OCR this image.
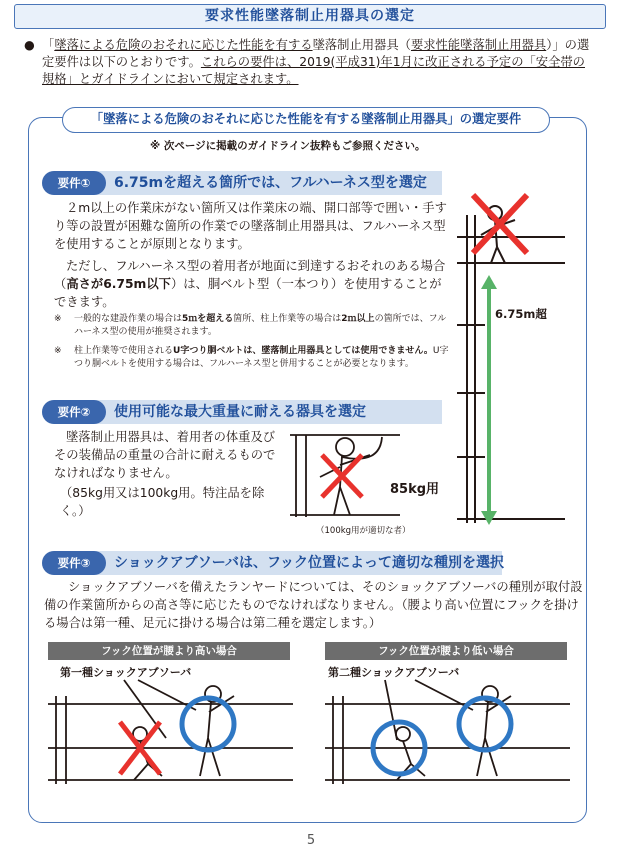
要求性能墜落制止用器具の選定
● 「墜落による危険のおそれに応じた性能を有する墜落制止用器具（要求性能墜落制止用器具）」の選定要件は以下のとおりです。これらの要件は、2019(平成31)年1月に改正される予定の「安全帯の規格」とガイドラインにおいて規定されます。
「墜落による危険のおそれに応じた性能を有する墜落制止用器具」の選定要件
※ 次ページに掲載のガイドライン抜粋もご参照ください。
要件①	6.75mを超える箇所では、フルハーネス型を選定
２m以上の作業床がない箇所又は作業床の端、開口部等で囲い・手すり等の設置が困難な箇所の作業での墜落制止用器具は、フルハーネス型を使用することが原則となります。
ただし、フルハーネス型の着用者が地面に到達するおそれのある場合（高さが6.75m以下）は、胴ベルト型（一本つり）を使用することができます。
※ 一般的な建設作業の場合は5ｍを超える箇所、柱上作業等の場合は2ｍ以上の箇所では、フルハーネス型の使用が推奨されます。
※ 柱上作業等で使用されるU字つり胴ベルトは、墜落制止用器具としては使用できません。U字つり胴ベルトを使用する場合は、フルハーネス型と併用することが必要となります。
6.75m超
要件②	使用可能な最大重量に耐える器具を選定
墜落制止用器具は、着用者の体重及びその装備品の重量の合計に耐えるものでなければなりません。
（85kg用又は100kg用。特注品を除く。）
85kg用
（100kg用が適切な者）
要件③	ショックアブソーバは、フック位置によって適切な種別を選択
ショックアブソーバを備えたランヤードについては、そのショックアブソーバの種別が取付設備の作業箇所からの高さ等に応じたものでなければなりません。（腰より高い位置にフックを掛ける場合は第一種、足元に掛ける場合は第二種を選定します。）
フック位置が腰より高い場合
第一種ショックアブソーバ
フック位置が腰より低い場合
第二種ショックアブソーバ
5
